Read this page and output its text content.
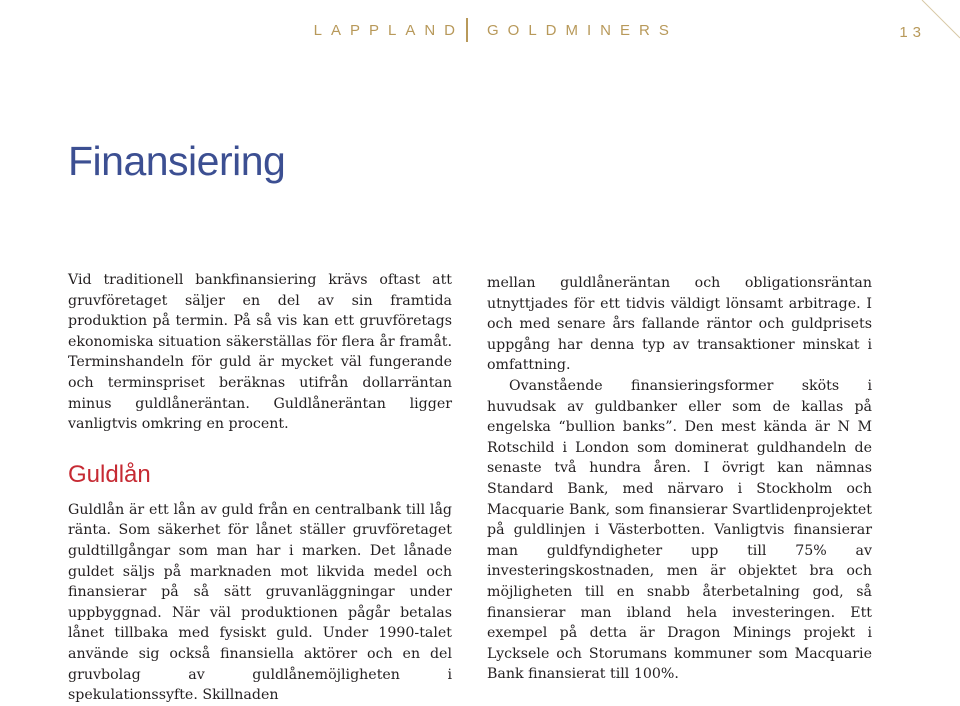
LAPPLAND GOLDMINERS	13
Finansiering

Vid traditionell bankfinansiering krävs oftast att gruvföretaget säljer en del av sin framtida produktion på termin. På så vis kan ett gruvföretags ekonomiska situation säkerställas för flera år framåt. Terminshandeln för guld är mycket väl fungerande och terminspriset beräknas utifrån dollarräntan minus guldlåneräntan. Guldlåneräntan ligger vanligtvis omkring en procent.

Guldlån

Guldlån är ett lån av guld från en centralbank till låg ränta. Som säkerhet för lånet ställer gruvföretaget guldtillgångar som man har i marken. Det lånade guldet säljs på marknaden mot likvida medel och finansierar på så sätt gruvanläggningar under uppbyggnad. När väl produktionen pågår betalas lånet tillbaka med fysiskt guld. Under 1990-talet använde sig också finansiella aktörer och en del gruvbolag av guldlånemöjligheten i spekulationssyfte. Skillnaden

mellan guldlåneräntan och obligationsräntan utnyttjades för ett tidvis väldigt lönsamt arbitrage. I och med senare års fallande räntor och guldprisets uppgång har denna typ av transaktioner minskat i omfattning.

Ovanstående finansieringsformer sköts i huvudsak av guldbanker eller som de kallas på engelska “bullion banks”. Den mest kända är N M Rotschild i London som dominerat guldhandeln de senaste två hundra åren. I övrigt kan nämnas Standard Bank, med närvaro i Stockholm och Macquarie Bank, som finansierar Svartlidenprojektet på guldlinjen i Västerbotten. Vanligtvis finansierar man guldfyndigheter upp till 75% av investeringskostnaden, men är objektet bra och möjligheten till en snabb återbetalning god, så finansierar man ibland hela investeringen. Ett exempel på detta är Dragon Minings projekt i Lycksele och Storumans kommuner som Macquarie Bank finansierat till 100%.
